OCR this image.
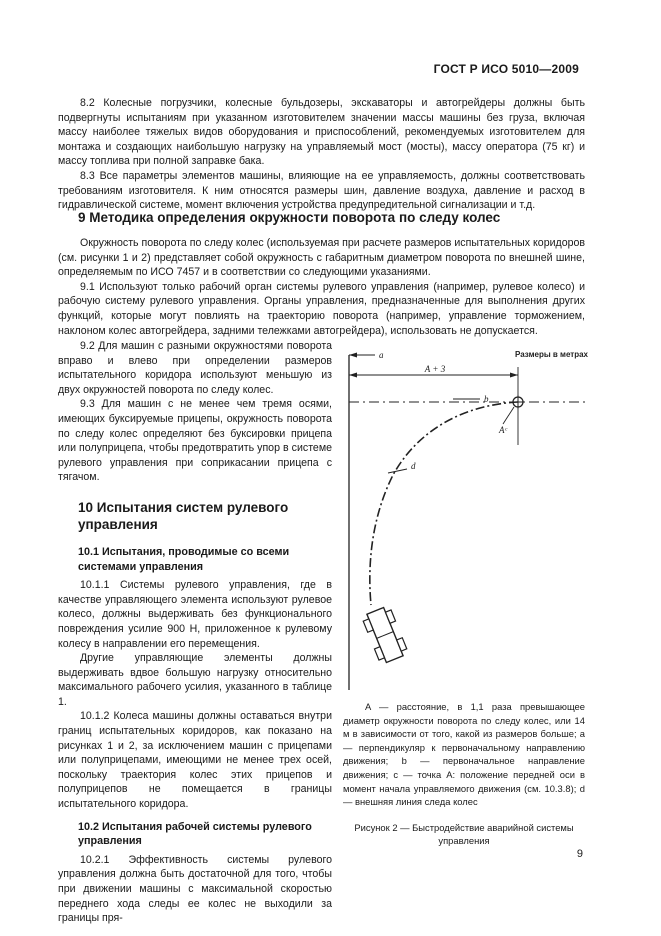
ГОСТ Р ИСО 5010—2009

8.2 Колесные погрузчики, колесные бульдозеры, экскаваторы и автогрейдеры должны быть подвергнуты испытаниям при указанном изготовителем значении массы машины без груза, включая массу наиболее тяжелых видов оборудования и приспособлений, рекомендуемых изготовителем для монтажа и создающих наибольшую нагрузку на управляемый мост (мосты), массу оператора (75 кг) и массу топлива при полной заправке бака.

8.3 Все параметры элементов машины, влияющие на ее управляемость, должны соответствовать требованиям изготовителя. К ним относятся размеры шин, давление воздуха, давление и расход в гидравлической системе, момент включения устройства предупредительной сигнализации и т.д.

9 Методика определения окружности поворота по следу колес

Окружность поворота по следу колес (используемая при расчете размеров испытательных коридоров (см. рисунки 1 и 2) представляет собой окружность с габаритным диаметром поворота по внешней шине, определяемым по ИСО 7457 и в соответствии со следующими указаниями.

9.1 Используют только рабочий орган системы рулевого управления (например, рулевое колесо) и рабочую систему рулевого управления. Органы управления, предназначенные для выполнения других функций, которые могут повлиять на траекторию поворота (например, управление торможением, наклоном колес автогрейдера, задними тележками автогрейдера), использовать не допускается.

9.2 Для машин с разными окружностями поворота вправо и влево при определении размеров испытательного коридора используют меньшую из двух окружностей поворота по следу колес.

9.3 Для машин с не менее чем тремя осями, имеющих буксируемые прицепы, окружность поворота по следу колес определяют без буксировки прицепа или полуприцепа, чтобы предотвратить упор в системе рулевого управления при соприкасании прицепа с тягачом.

10 Испытания систем рулевого управления

10.1 Испытания, проводимые со всеми системами управления

10.1.1 Системы рулевого управления, где в качестве управляющего элемента используют рулевое колесо, должны выдерживать без функционального повреждения усилие 900 Н, приложенное к рулевому колесу в направлении его перемещения.

Другие управляющие элементы должны выдерживать вдвое большую нагрузку относительно максимального рабочего усилия, указанного в таблице 1.

10.1.2 Колеса машины должны оставаться внутри границ испытательных коридоров, как показано на рисунках 1 и 2, за исключением машин с прицепами или полуприцепами, имеющими не менее трех осей, поскольку траектория колес этих прицепов и полуприцепов не помещается в границы испытательного коридора.

10.2 Испытания рабочей системы рулевого управления

10.2.1 Эффективность системы рулевого управления должна быть достаточной для того, чтобы при движении машины с максимальной скоростью переднего хода следы ее колес не выходили за границы пря-

a	Размеры в метрах
A + 3
b
Aᶜ
d

A — расстояние, в 1,1 раза превышающее диаметр окружности поворота по следу колес, или 14 м в зависимости от того, какой из размеров больше; a — перпендикуляр к первоначальному направлению движения; b — первоначальное направление движения; c — точка A: положение передней оси в момент начала управляемого движения (см. 10.3.8); d — внешняя линия следа колес

Рисунок 2 — Быстродействие аварийной системы управления

9
